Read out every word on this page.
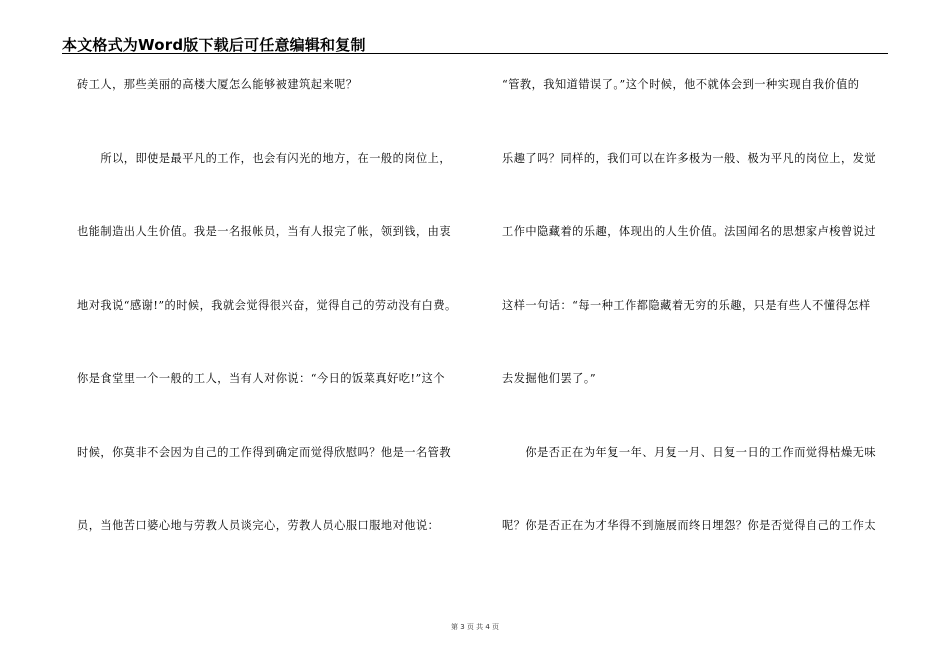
本文格式为Word版下载后可任意编辑和复制
砖工人，那些美丽的高楼大厦怎么能够被建筑起来呢？
　　所以，即使是最平凡的工作，也会有闪光的地方，在一般的岗位上，
也能制造出人生价值。我是一名报帐员，当有人报完了帐，领到钱，由衷
地对我说“感谢!”的时候，我就会觉得很兴奋，觉得自己的劳动没有白费。
你是食堂里一个一般的工人，当有人对你说：“今日的饭菜真好吃!”这个
时候，你莫非不会因为自己的工作得到确定而觉得欣慰吗？他是一名管教
员，当他苦口婆心地与劳教人员谈完心，劳教人员心服口服地对他说：
“管教，我知道错误了。”这个时候，他不就体会到一种实现自我价值的
乐趣了吗？同样的，我们可以在许多极为一般、极为平凡的岗位上，发觉
工作中隐藏着的乐趣，体现出的人生价值。法国闻名的思想家卢梭曾说过
这样一句话：“每一种工作都隐藏着无穷的乐趣，只是有些人不懂得怎样
去发掘他们罢了。”
　　你是否正在为年复一年、月复一月、日复一日的工作而觉得枯燥无味
呢？你是否正在为才华得不到施展而终日埋怨？你是否觉得自己的工作太
第 3 页 共 4 页
